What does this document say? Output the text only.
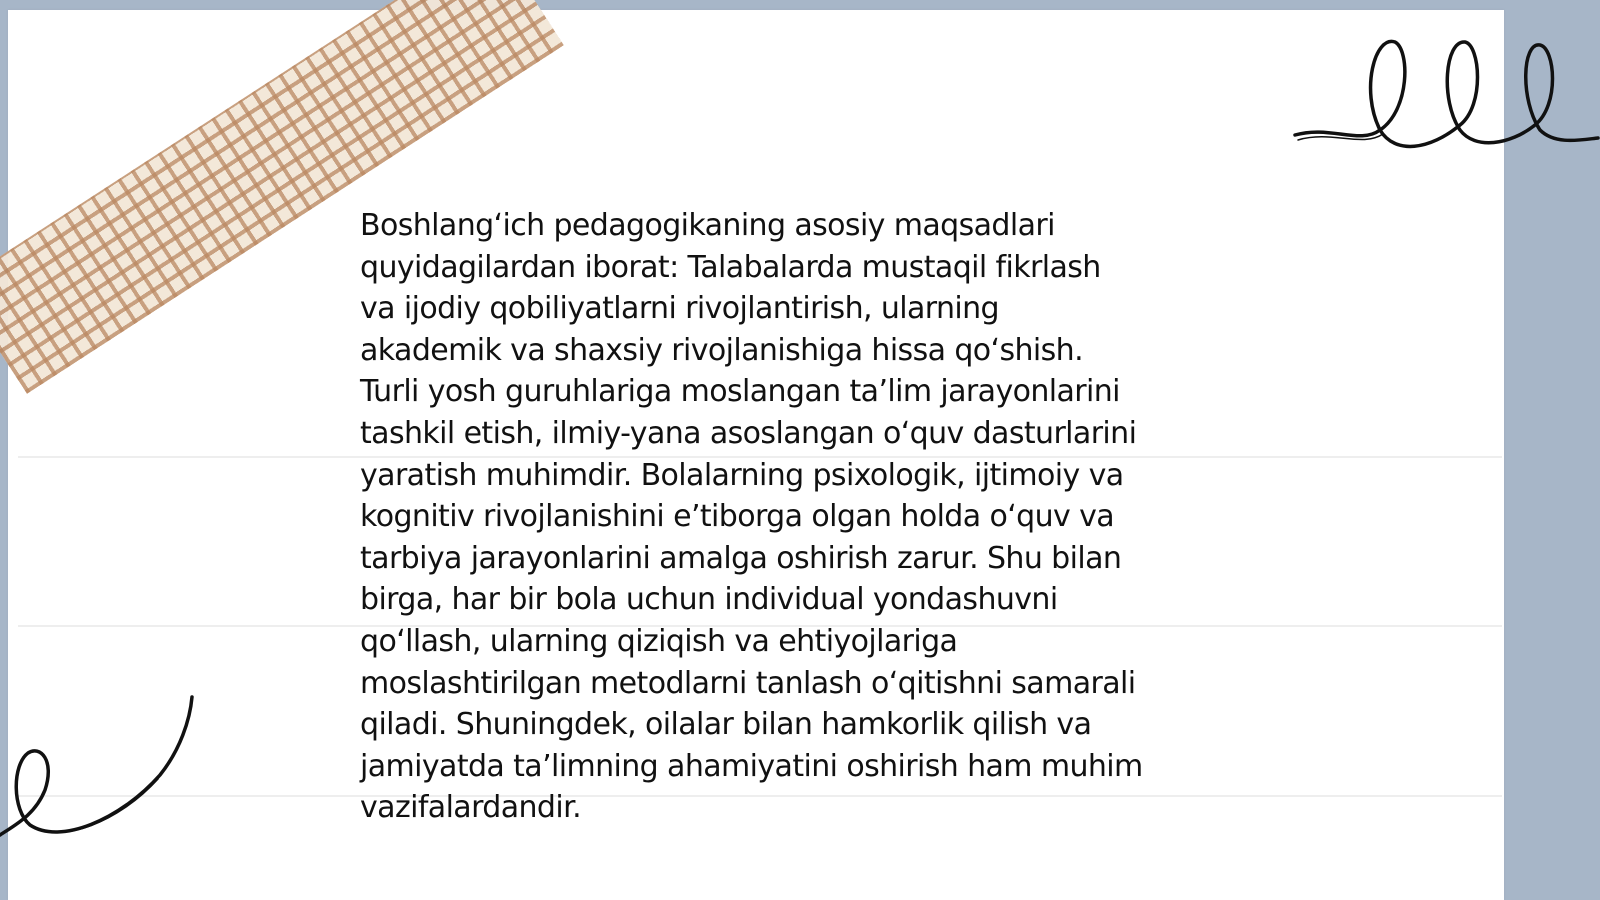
Boshlang‘ich pedagogikaning asosiy maqsadlari
quyidagilardan iborat: Talabalarda mustaqil fikrlash
va ijodiy qobiliyatlarni rivojlantirish, ularning
akademik va shaxsiy rivojlanishiga hissa qo‘shish.
Turli yosh guruhlariga moslangan ta’lim jarayonlarini
tashkil etish, ilmiy-yana asoslangan o‘quv dasturlarini
yaratish muhimdir. Bolalarning psixologik, ijtimoiy va
kognitiv rivojlanishini e’tiborga olgan holda o‘quv va
tarbiya jarayonlarini amalga oshirish zarur. Shu bilan
birga, har bir bola uchun individual yondashuvni
qo‘llash, ularning qiziqish va ehtiyojlariga
moslashtirilgan metodlarni tanlash o‘qitishni samarali
qiladi. Shuningdek, oilalar bilan hamkorlik qilish va
jamiyatda ta’limning ahamiyatini oshirish ham muhim
vazifalardandir.
